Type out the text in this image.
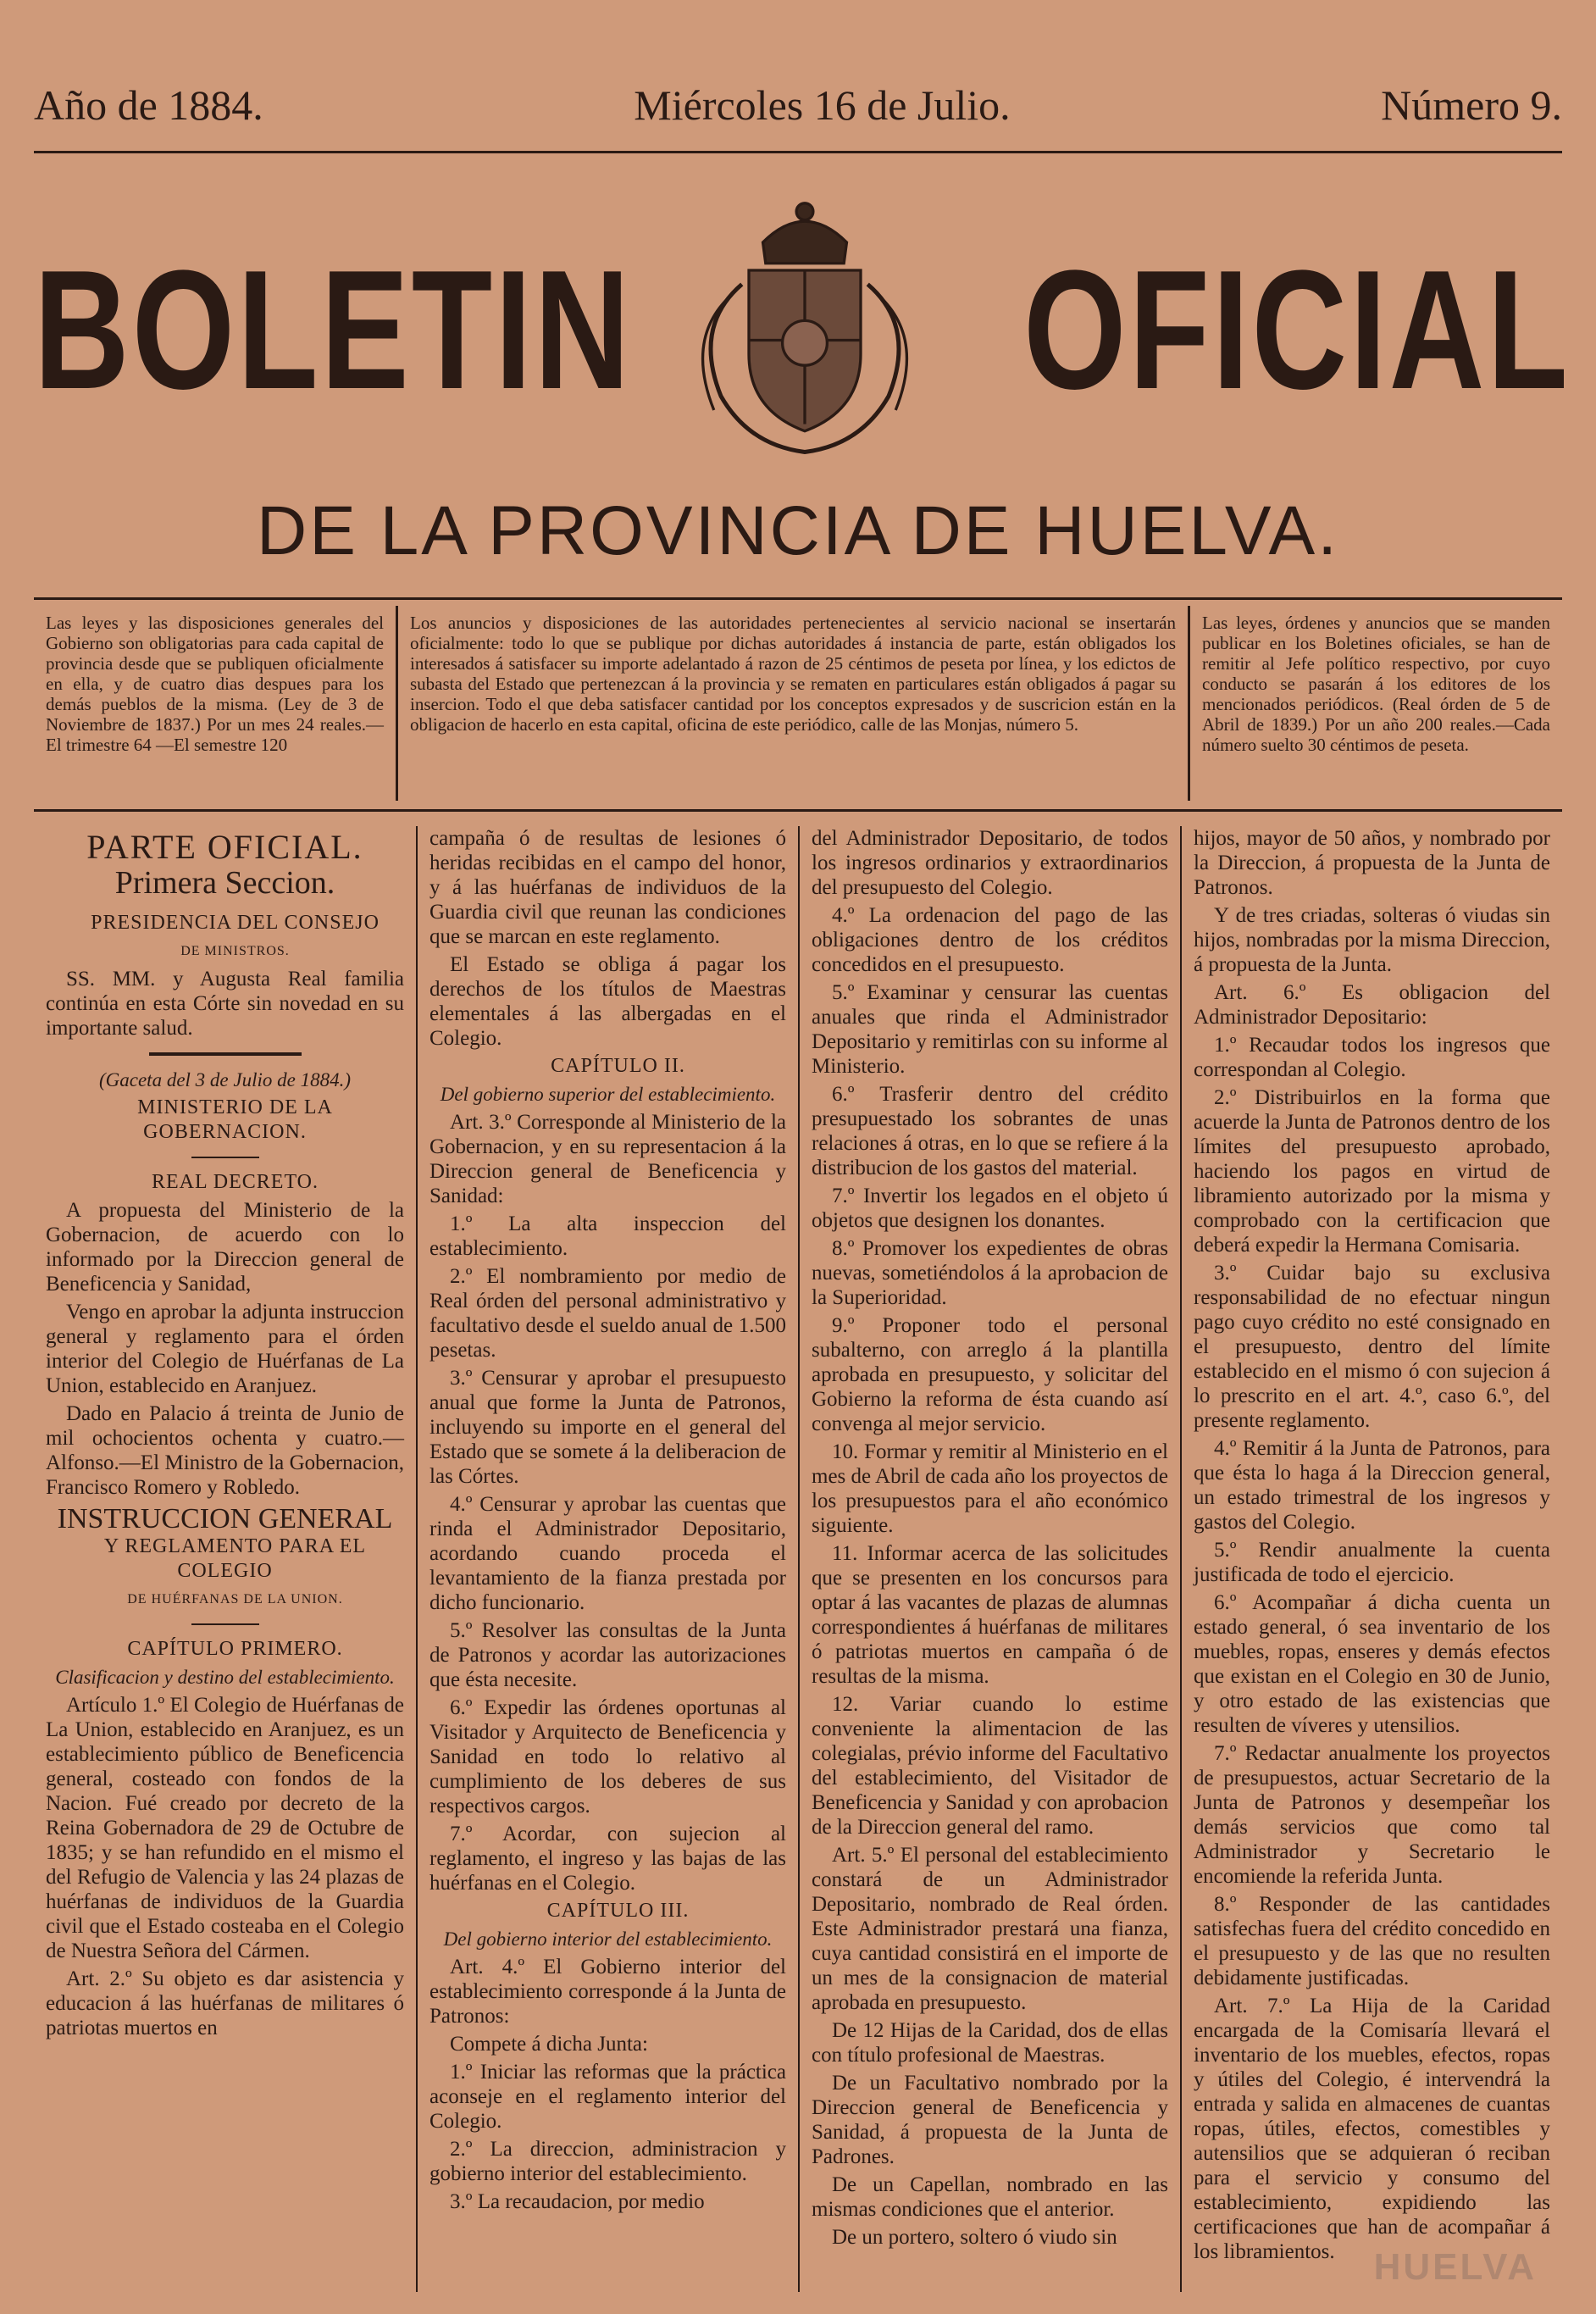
Año de 1884.	Miércoles 16 de Julio.	Número 9.
BOLETIN OFICIAL
DE LA PROVINCIA DE HUELVA.
Las leyes y las disposiciones generales del Gobierno son obligatorias para cada capital de provincia desde que se publiquen oficialmente en ella, y de cuatro dias despues para los demás pueblos de la misma. (Ley de 3 de Noviembre de 1837.) Por un mes 24 reales.—El trimestre 64 —El semestre 120
Los anuncios y disposiciones de las autoridades pertenecientes al servicio nacional se insertarán oficialmente: todo lo que se publique por dichas autoridades á instancia de parte, están obligados los interesados á satisfacer su importe adelantado á razon de 25 céntimos de peseta por línea, y los edictos de subasta del Estado que pertenezcan á la provincia y se rematen en particulares están obligados á pagar su insercion. Todo el que deba satisfacer cantidad por los conceptos expresados y de suscricion están en la obligacion de hacerlo en esta capital, oficina de este periódico, calle de las Monjas, número 5.
Las leyes, órdenes y anuncios que se manden publicar en los Boletines oficiales, se han de remitir al Jefe político respectivo, por cuyo conducto se pasarán á los editores de los mencionados periódicos. (Real órden de 5 de Abril de 1839.) Por un año 200 reales.—Cada número suelto 30 céntimos de peseta.
PARTE OFICIAL.
Primera Seccion.

PRESIDENCIA DEL CONSEJO

DE MINISTROS.

SS. MM. y Augusta Real familia continúa en esta Córte sin novedad en su importante salud.

(Gaceta del 3 de Julio de 1884.)

MINISTERIO DE LA GOBERNACION.

REAL DECRETO.

A propuesta del Ministerio de la Gobernacion, de acuerdo con lo informado por la Direccion general de Beneficencia y Sanidad,

Vengo en aprobar la adjunta instruccion general y reglamento para el órden interior del Colegio de Huérfanas de La Union, establecido en Aranjuez.

Dado en Palacio á treinta de Junio de mil ochocientos ochenta y cuatro.—Alfonso.—El Ministro de la Gobernacion, Francisco Romero y Robledo.

INSTRUCCION GENERAL

Y REGLAMENTO PARA EL COLEGIO

DE HUÉRFANAS DE LA UNION.

CAPÍTULO PRIMERO.

Clasificacion y destino del establecimiento.

Artículo 1.º El Colegio de Huérfanas de La Union, establecido en Aranjuez, es un establecimiento público de Beneficencia general, costeado con fondos de la Nacion. Fué creado por decreto de la Reina Gobernadora de 29 de Octubre de 1835; y se han refundido en el mismo el del Refugio de Valencia y las 24 plazas de huérfanas de individuos de la Guardia civil que el Estado costeaba en el Colegio de Nuestra Señora del Cármen.

Art. 2.º Su objeto es dar asistencia y educacion á las huérfanas de militares ó patriotas muertos en

campaña ó de resultas de lesiones ó heridas recibidas en el campo del honor, y á las huérfanas de individuos de la Guardia civil que reunan las condiciones que se marcan en este reglamento.

El Estado se obliga á pagar los derechos de los títulos de Maestras elementales á las albergadas en el Colegio.

CAPÍTULO II.

Del gobierno superior del establecimiento.

Art. 3.º Corresponde al Ministerio de la Gobernacion, y en su representacion á la Direccion general de Beneficencia y Sanidad:

1.º La alta inspeccion del establecimiento.

2.º El nombramiento por medio de Real órden del personal administrativo y facultativo desde el sueldo anual de 1.500 pesetas.

3.º Censurar y aprobar el presupuesto anual que forme la Junta de Patronos, incluyendo su importe en el general del Estado que se somete á la deliberacion de las Córtes.

4.º Censurar y aprobar las cuentas que rinda el Administrador Depositario, acordando cuando proceda el levantamiento de la fianza prestada por dicho funcionario.

5.º Resolver las consultas de la Junta de Patronos y acordar las autorizaciones que ésta necesite.

6.º Expedir las órdenes oportunas al Visitador y Arquitecto de Beneficencia y Sanidad en todo lo relativo al cumplimiento de los deberes de sus respectivos cargos.

7.º Acordar, con sujecion al reglamento, el ingreso y las bajas de las huérfanas en el Colegio.

CAPÍTULO III.

Del gobierno interior del establecimiento.

Art. 4.º El Gobierno interior del establecimiento corresponde á la Junta de Patronos:

Compete á dicha Junta:

1.º Iniciar las reformas que la práctica aconseje en el reglamento interior del Colegio.

2.º La direccion, administracion y gobierno interior del establecimiento.

3.º La recaudacion, por medio

del Administrador Depositario, de todos los ingresos ordinarios y extraordinarios del presupuesto del Colegio.

4.º La ordenacion del pago de las obligaciones dentro de los créditos concedidos en el presupuesto.

5.º Examinar y censurar las cuentas anuales que rinda el Administrador Depositario y remitirlas con su informe al Ministerio.

6.º Trasferir dentro del crédito presupuestado los sobrantes de unas relaciones á otras, en lo que se refiere á la distribucion de los gastos del material.

7.º Invertir los legados en el objeto ú objetos que designen los donantes.

8.º Promover los expedientes de obras nuevas, sometiéndolos á la aprobacion de la Superioridad.

9.º Proponer todo el personal subalterno, con arreglo á la plantilla aprobada en presupuesto, y solicitar del Gobierno la reforma de ésta cuando así convenga al mejor servicio.

10. Formar y remitir al Ministerio en el mes de Abril de cada año los proyectos de los presupuestos para el año económico siguiente.

11. Informar acerca de las solicitudes que se presenten en los concursos para optar á las vacantes de plazas de alumnas correspondientes á huérfanas de militares ó patriotas muertos en campaña ó de resultas de la misma.

12. Variar cuando lo estime conveniente la alimentacion de las colegialas, prévio informe del Facultativo del establecimiento, del Visitador de Beneficencia y Sanidad y con aprobacion de la Direccion general del ramo.

Art. 5.º El personal del establecimiento constará de un Administrador Depositario, nombrado de Real órden. Este Administrador prestará una fianza, cuya cantidad consistirá en el importe de un mes de la consignacion de material aprobada en presupuesto.

De 12 Hijas de la Caridad, dos de ellas con título profesional de Maestras.

De un Facultativo nombrado por la Direccion general de Beneficencia y Sanidad, á propuesta de la Junta de Padrones.

De un Capellan, nombrado en las mismas condiciones que el anterior.

De un portero, soltero ó viudo sin

hijos, mayor de 50 años, y nombrado por la Direccion, á propuesta de la Junta de Patronos.

Y de tres criadas, solteras ó viudas sin hijos, nombradas por la misma Direccion, á propuesta de la Junta.

Art. 6.º Es obligacion del Administrador Depositario:

1.º Recaudar todos los ingresos que correspondan al Colegio.

2.º Distribuirlos en la forma que acuerde la Junta de Patronos dentro de los límites del presupuesto aprobado, haciendo los pagos en virtud de libramiento autorizado por la misma y comprobado con la certificacion que deberá expedir la Hermana Comisaria.

3.º Cuidar bajo su exclusiva responsabilidad de no efectuar ningun pago cuyo crédito no esté consignado en el presupuesto, dentro del límite establecido en el mismo ó con sujecion á lo prescrito en el art. 4.º, caso 6.º, del presente reglamento.

4.º Remitir á la Junta de Patronos, para que ésta lo haga á la Direccion general, un estado trimestral de los ingresos y gastos del Colegio.

5.º Rendir anualmente la cuenta justificada de todo el ejercicio.

6.º Acompañar á dicha cuenta un estado general, ó sea inventario de los muebles, ropas, enseres y demás efectos que existan en el Colegio en 30 de Junio, y otro estado de las existencias que resulten de víveres y utensilios.

7.º Redactar anualmente los proyectos de presupuestos, actuar Secretario de la Junta de Patronos y desempeñar los demás servicios que como tal Administrador y Secretario le encomiende la referida Junta.

8.º Responder de las cantidades satisfechas fuera del crédito concedido en el presupuesto y de las que no resulten debidamente justificadas.

Art. 7.º La Hija de la Caridad encargada de la Comisaría llevará el inventario de los muebles, efectos, ropas y útiles del Colegio, é intervendrá la entrada y salida en almacenes de cuantas ropas, útiles, efectos, comestibles y autensilios que se adquieran ó reciban para el servicio y consumo del establecimiento, expidiendo las certificaciones que han de acompañar á los libramientos.	HUELVA
